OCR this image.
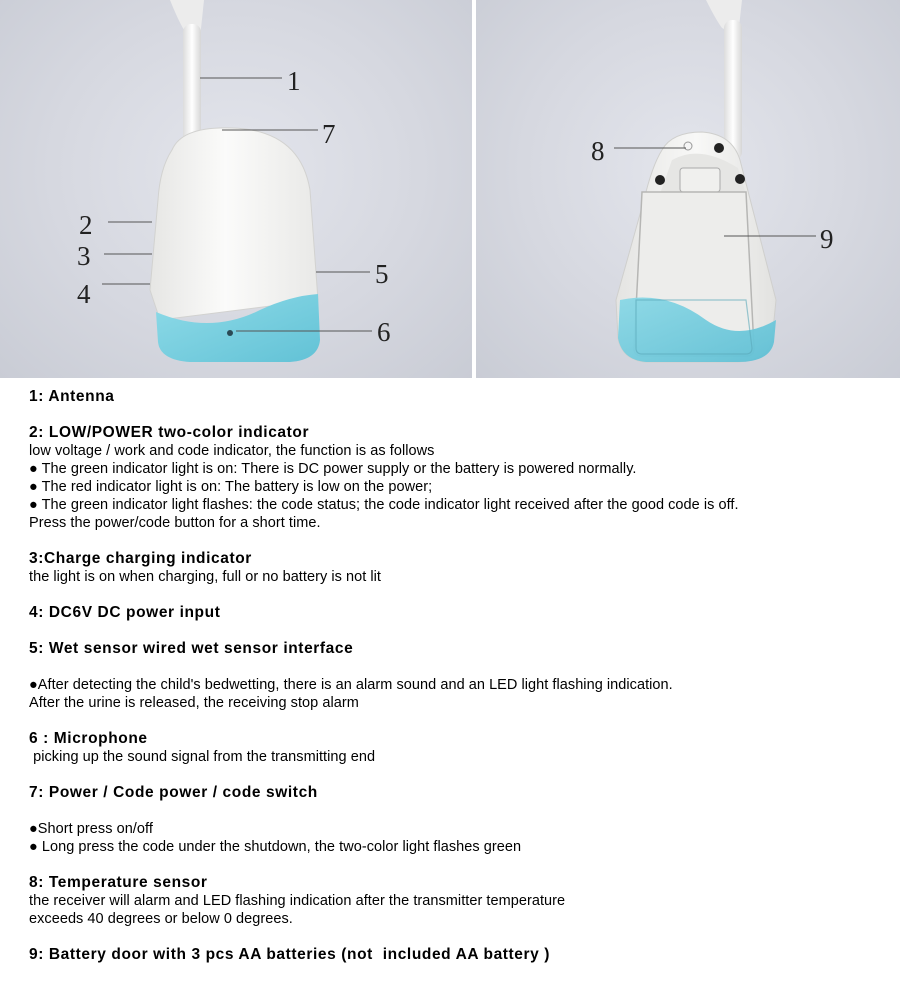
1
7
2
3
4
5
6
8
9

1: Antenna

2: LOW/POWER two-color indicator

low voltage / work and code indicator, the function is as follows

● The green indicator light is on: There is DC power supply or the battery is powered normally.

● The red indicator light is on: The battery is low on the power;

● The green indicator light flashes: the code status; the code indicator light received after the good code is off.

Press the power/code button for a short time.

3:Charge charging indicator

the light is on when charging, full or no battery is not lit

4: DC6V DC power input

5: Wet sensor wired wet sensor interface

●After detecting the child's bedwetting, there is an alarm sound and an LED light flashing indication.

After the urine is released, the receiving stop alarm

6 : Microphone

picking up the sound signal from the transmitting end

7: Power / Code power / code switch

●Short press on/off

● Long press the code under the shutdown, the two-color light flashes green

8: Temperature sensor

the receiver will alarm and LED flashing indication after the transmitter temperature

exceeds 40 degrees or below 0 degrees.

9: Battery door with 3 pcs AA batteries (not  included AA battery )
